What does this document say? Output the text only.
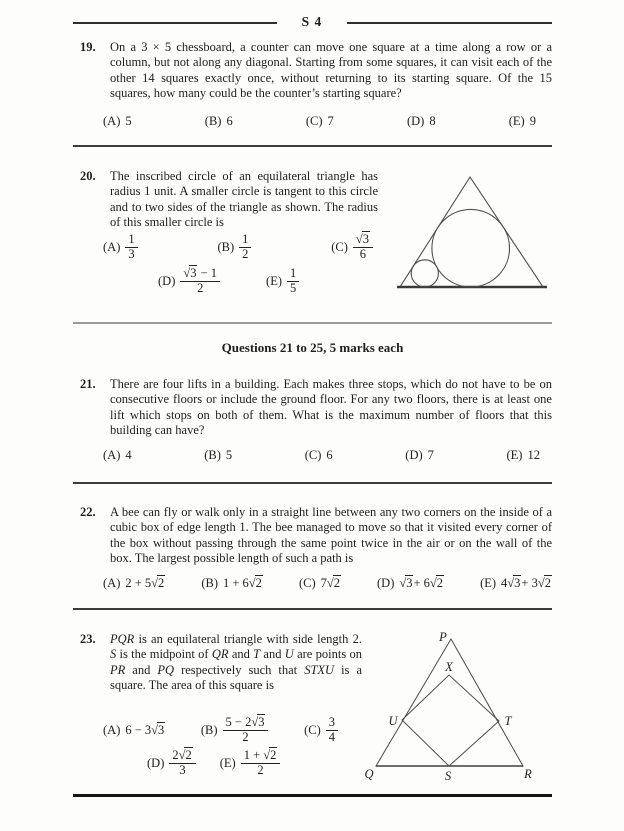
S 4
19. On a 3 × 5 chessboard, a counter can move one square at a time along a row or a column, but not along any diagonal. Starting from some squares, it can visit each of the other 14 squares exactly once, without returning to its starting square. Of the 15 squares, how many could be the counter’s starting square?
(A) 5	(B) 6	(C) 7	(D) 8	(E) 9
20. The inscribed circle of an equilateral triangle has radius 1 unit. A smaller circle is tangent to this circle and to two sides of the triangle as shown. The radius of this smaller circle is
$(A) \frac{1}{3}$	$(B) \frac{1}{2}$	$(C) \frac{√3}{6}$
$(D) \frac{√3 - 1}{2}$	$(E) \frac{1}{5}$
Questions 21 to 25, 5 marks each
21. There are four lifts in a building. Each makes three stops, which do not have to be on consecutive floors or include the ground floor. For any two floors, there is at least one lift which stops on both of them. What is the maximum number of floors that this building can have?
(A) 4	(B) 5	(C) 6	(D) 7	(E) 12
22. A bee can fly or walk only in a straight line between any two corners on the inside of a cubic box of edge length 1. The bee managed to move so that it visited every corner of the box without passing through the same point twice in the air or on the wall of the box. The largest possible length of such a path is
(A) 2 + 5 √2	(B) 1 + 6 √2	(C) 7 √2	(D) √3 + 6 √2	(E) 4 √3 + 3 √2
23. PQR is an equilateral triangle with side length 2. S is the midpoint of QR and T and U are points on PR and PQ respectively such that STXU is a square. The area of this square is
(A) 6 − 3 √3	$(B) \frac{5 - 2√3}{2}$	$(C) \frac{3}{4}$
$(D) \frac{2√2}{3} (E) \frac{1 + √2}{2}$
P
X
U	T
Q	S	R
